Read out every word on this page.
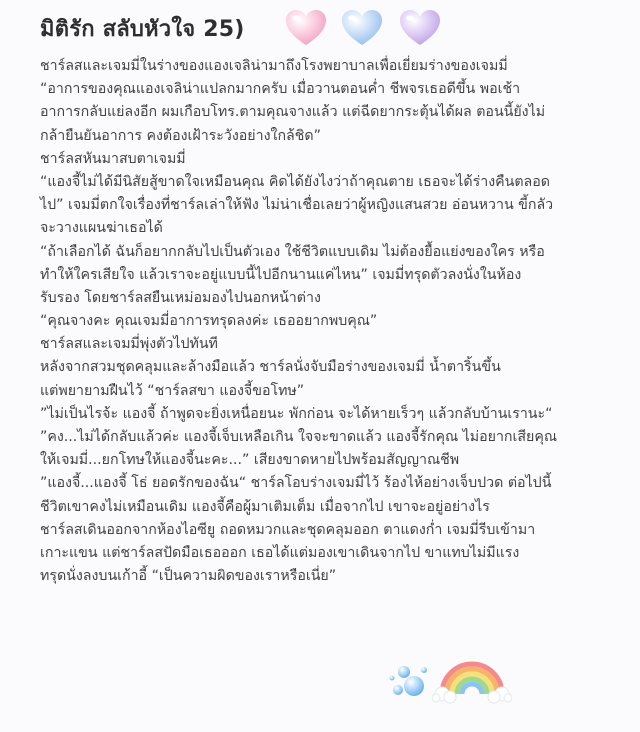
มิติรัก สลับหัวใจ 25)
ชาร์ลสและเจมมี่ในร่างของแองเจลิน่ามาถึงโรงพยาบาลเพื่อเยี่ยมร่างของเจมมี่
“อาการของคุณแองเจลิน่าแปลกมากครับ เมื่อวานตอนค่ำ ชีพจรเธอดีขึ้น พอเช้า
อาการกลับแย่ลงอีก ผมเกือบโทร.ตามคุณจางแล้ว แต่ฉีดยากระตุ้นได้ผล ตอนนี้ยังไม่
กล้ายืนยันอาการ คงต้องเฝ้าระวังอย่างใกล้ชิด”
ชาร์ลสหันมาสบตาเจมมี่
“แองจี้ไม่ได้มีนิสัยสู้ขาดใจเหมือนคุณ คิดได้ยังไงว่าถ้าคุณตาย เธอจะได้ร่างคืนตลอด
ไป” เจมมี่ตกใจเรื่องที่ชาร์ลเล่าให้ฟัง ไม่น่าเชื่อเลยว่าผู้หญิงแสนสวย อ่อนหวาน ขี้กลัว
จะวางแผนฆ่าเธอได้
“ถ้าเลือกได้ ฉันก็อยากกลับไปเป็นตัวเอง ใช้ชีวิตแบบเดิม ไม่ต้องยื้อแย่งของใคร หรือ
ทำให้ใครเสียใจ แล้วเราจะอยู่แบบนี้ไปอีกนานแค่ไหน” เจมมี่ทรุดตัวลงนั่งในห้อง
รับรอง โดยชาร์ลสยืนเหม่อมองไปนอกหน้าต่าง
“คุณจางคะ คุณเจมมี่อาการทรุดลงค่ะ เธออยากพบคุณ”
ชาร์ลสและเจมมี่พุ่งตัวไปทันที
หลังจากสวมชุดคลุมและล้างมือแล้ว ชาร์ลนั่งจับมือร่างของเจมมี่ น้ำตาริ้นขึ้น
แต่พยายามฝืนไว้ “ชาร์ลสขา แองจี้ขอโทษ”
”ไม่เป็นไรจ้ะ แองจี้ ถ้าพูดจะยิ่งเหนื่อยนะ พักก่อน จะได้หายเร็วๆ แล้วกลับบ้านเรานะ“
”คง...ไม่ได้กลับแล้วค่ะ แองจี้เจ็บเหลือเกิน ใจจะขาดแล้ว แองจี้รักคุณ ไม่อยากเสียคุณ
ให้เจมมี่...ยกโทษให้แองจี้นะคะ...” เสียงขาดหายไปพร้อมสัญญาณชีพ
”แองจี้...แองจี้ โธ่ ยอดรักของฉัน“ ชาร์ลโอบร่างเจมมี่ไว้ ร้องไห้อย่างเจ็บปวด ต่อไปนี้
ชีวิตเขาคงไม่เหมือนเดิม แองจี้คือผู้มาเติมเต็ม เมื่อจากไป เขาจะอยู่อย่างไร
ชาร์ลสเดินออกจากห้องไอซียู ถอดหมวกและชุดคลุมออก ตาแดงก่ำ เจมมี่รีบเข้ามา
เกาะแขน แต่ชาร์ลสปัดมือเธอออก เธอได้แต่มองเขาเดินจากไป ขาแทบไม่มีแรง
ทรุดนั่งลงบนเก้าอี้ “เป็นความผิดของเราหรือเนี่ย”
